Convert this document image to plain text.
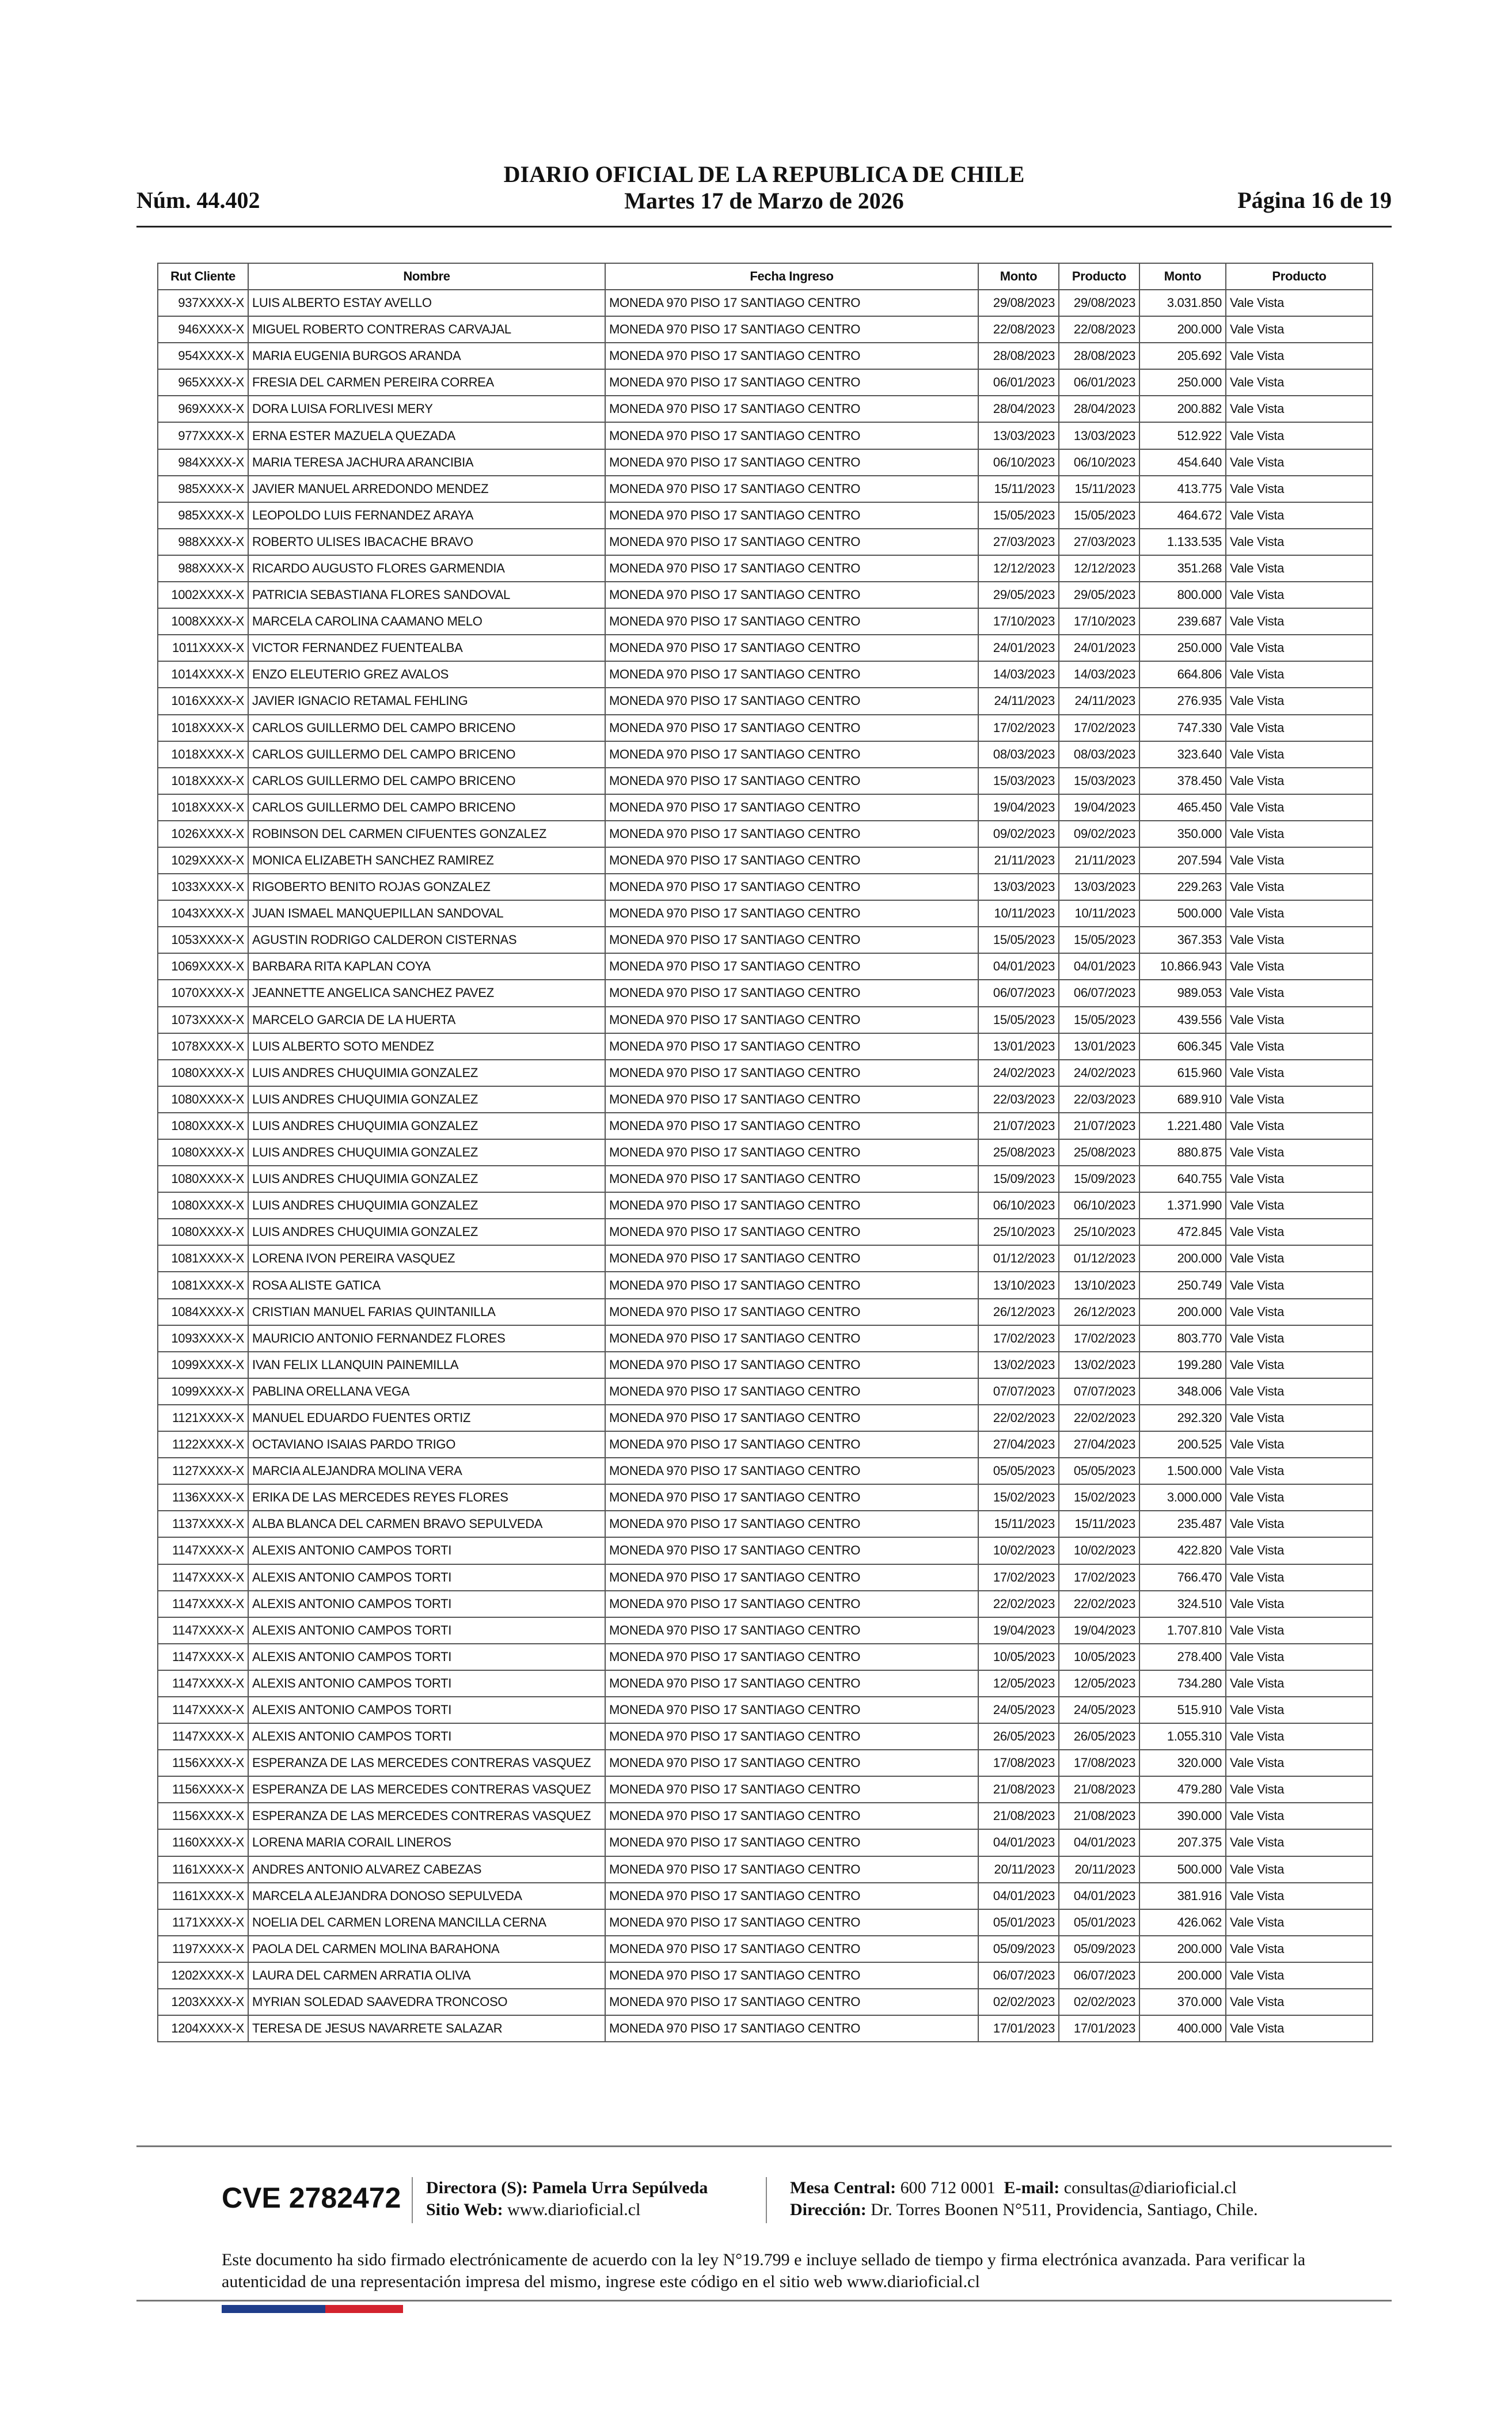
Núm. 44.402
DIARIO OFICIAL DE LA REPUBLICA DE CHILE
Martes 17 de Marzo de 2026	Página 16 de 19
Rut Cliente	Nombre	Fecha Ingreso	Monto	Producto	Monto	Producto
937XXXX-X	LUIS ALBERTO ESTAY AVELLO	MONEDA 970 PISO 17 SANTIAGO CENTRO	29/08/2023	29/08/2023	3.031.850	Vale Vista
946XXXX-X	MIGUEL ROBERTO CONTRERAS CARVAJAL	MONEDA 970 PISO 17 SANTIAGO CENTRO	22/08/2023	22/08/2023	200.000	Vale Vista
954XXXX-X	MARIA EUGENIA BURGOS ARANDA	MONEDA 970 PISO 17 SANTIAGO CENTRO	28/08/2023	28/08/2023	205.692	Vale Vista
965XXXX-X	FRESIA DEL CARMEN PEREIRA CORREA	MONEDA 970 PISO 17 SANTIAGO CENTRO	06/01/2023	06/01/2023	250.000	Vale Vista
969XXXX-X	DORA LUISA FORLIVESI MERY	MONEDA 970 PISO 17 SANTIAGO CENTRO	28/04/2023	28/04/2023	200.882	Vale Vista
977XXXX-X	ERNA ESTER MAZUELA QUEZADA	MONEDA 970 PISO 17 SANTIAGO CENTRO	13/03/2023	13/03/2023	512.922	Vale Vista
984XXXX-X	MARIA TERESA JACHURA ARANCIBIA	MONEDA 970 PISO 17 SANTIAGO CENTRO	06/10/2023	06/10/2023	454.640	Vale Vista
985XXXX-X	JAVIER MANUEL ARREDONDO MENDEZ	MONEDA 970 PISO 17 SANTIAGO CENTRO	15/11/2023	15/11/2023	413.775	Vale Vista
985XXXX-X	LEOPOLDO LUIS FERNANDEZ ARAYA	MONEDA 970 PISO 17 SANTIAGO CENTRO	15/05/2023	15/05/2023	464.672	Vale Vista
988XXXX-X	ROBERTO ULISES IBACACHE BRAVO	MONEDA 970 PISO 17 SANTIAGO CENTRO	27/03/2023	27/03/2023	1.133.535	Vale Vista
988XXXX-X	RICARDO AUGUSTO FLORES GARMENDIA	MONEDA 970 PISO 17 SANTIAGO CENTRO	12/12/2023	12/12/2023	351.268	Vale Vista
1002XXXX-X	PATRICIA SEBASTIANA FLORES SANDOVAL	MONEDA 970 PISO 17 SANTIAGO CENTRO	29/05/2023	29/05/2023	800.000	Vale Vista
1008XXXX-X	MARCELA CAROLINA CAAMANO MELO	MONEDA 970 PISO 17 SANTIAGO CENTRO	17/10/2023	17/10/2023	239.687	Vale Vista
1011XXXX-X	VICTOR FERNANDEZ FUENTEALBA	MONEDA 970 PISO 17 SANTIAGO CENTRO	24/01/2023	24/01/2023	250.000	Vale Vista
1014XXXX-X	ENZO ELEUTERIO GREZ AVALOS	MONEDA 970 PISO 17 SANTIAGO CENTRO	14/03/2023	14/03/2023	664.806	Vale Vista
1016XXXX-X	JAVIER IGNACIO RETAMAL FEHLING	MONEDA 970 PISO 17 SANTIAGO CENTRO	24/11/2023	24/11/2023	276.935	Vale Vista
1018XXXX-X	CARLOS GUILLERMO DEL CAMPO BRICENO	MONEDA 970 PISO 17 SANTIAGO CENTRO	17/02/2023	17/02/2023	747.330	Vale Vista
1018XXXX-X	CARLOS GUILLERMO DEL CAMPO BRICENO	MONEDA 970 PISO 17 SANTIAGO CENTRO	08/03/2023	08/03/2023	323.640	Vale Vista
1018XXXX-X	CARLOS GUILLERMO DEL CAMPO BRICENO	MONEDA 970 PISO 17 SANTIAGO CENTRO	15/03/2023	15/03/2023	378.450	Vale Vista
1018XXXX-X	CARLOS GUILLERMO DEL CAMPO BRICENO	MONEDA 970 PISO 17 SANTIAGO CENTRO	19/04/2023	19/04/2023	465.450	Vale Vista
1026XXXX-X	ROBINSON DEL CARMEN CIFUENTES GONZALEZ	MONEDA 970 PISO 17 SANTIAGO CENTRO	09/02/2023	09/02/2023	350.000	Vale Vista
1029XXXX-X	MONICA ELIZABETH SANCHEZ RAMIREZ	MONEDA 970 PISO 17 SANTIAGO CENTRO	21/11/2023	21/11/2023	207.594	Vale Vista
1033XXXX-X	RIGOBERTO BENITO ROJAS GONZALEZ	MONEDA 970 PISO 17 SANTIAGO CENTRO	13/03/2023	13/03/2023	229.263	Vale Vista
1043XXXX-X	JUAN ISMAEL MANQUEPILLAN SANDOVAL	MONEDA 970 PISO 17 SANTIAGO CENTRO	10/11/2023	10/11/2023	500.000	Vale Vista
1053XXXX-X	AGUSTIN RODRIGO CALDERON CISTERNAS	MONEDA 970 PISO 17 SANTIAGO CENTRO	15/05/2023	15/05/2023	367.353	Vale Vista
1069XXXX-X	BARBARA RITA KAPLAN COYA	MONEDA 970 PISO 17 SANTIAGO CENTRO	04/01/2023	04/01/2023	10.866.943	Vale Vista
1070XXXX-X	JEANNETTE ANGELICA SANCHEZ PAVEZ	MONEDA 970 PISO 17 SANTIAGO CENTRO	06/07/2023	06/07/2023	989.053	Vale Vista
1073XXXX-X	MARCELO GARCIA DE LA HUERTA	MONEDA 970 PISO 17 SANTIAGO CENTRO	15/05/2023	15/05/2023	439.556	Vale Vista
1078XXXX-X	LUIS ALBERTO SOTO MENDEZ	MONEDA 970 PISO 17 SANTIAGO CENTRO	13/01/2023	13/01/2023	606.345	Vale Vista
1080XXXX-X	LUIS ANDRES CHUQUIMIA GONZALEZ	MONEDA 970 PISO 17 SANTIAGO CENTRO	24/02/2023	24/02/2023	615.960	Vale Vista
1080XXXX-X	LUIS ANDRES CHUQUIMIA GONZALEZ	MONEDA 970 PISO 17 SANTIAGO CENTRO	22/03/2023	22/03/2023	689.910	Vale Vista
1080XXXX-X	LUIS ANDRES CHUQUIMIA GONZALEZ	MONEDA 970 PISO 17 SANTIAGO CENTRO	21/07/2023	21/07/2023	1.221.480	Vale Vista
1080XXXX-X	LUIS ANDRES CHUQUIMIA GONZALEZ	MONEDA 970 PISO 17 SANTIAGO CENTRO	25/08/2023	25/08/2023	880.875	Vale Vista
1080XXXX-X	LUIS ANDRES CHUQUIMIA GONZALEZ	MONEDA 970 PISO 17 SANTIAGO CENTRO	15/09/2023	15/09/2023	640.755	Vale Vista
1080XXXX-X	LUIS ANDRES CHUQUIMIA GONZALEZ	MONEDA 970 PISO 17 SANTIAGO CENTRO	06/10/2023	06/10/2023	1.371.990	Vale Vista
1080XXXX-X	LUIS ANDRES CHUQUIMIA GONZALEZ	MONEDA 970 PISO 17 SANTIAGO CENTRO	25/10/2023	25/10/2023	472.845	Vale Vista
1081XXXX-X	LORENA IVON PEREIRA VASQUEZ	MONEDA 970 PISO 17 SANTIAGO CENTRO	01/12/2023	01/12/2023	200.000	Vale Vista
1081XXXX-X	ROSA ALISTE GATICA	MONEDA 970 PISO 17 SANTIAGO CENTRO	13/10/2023	13/10/2023	250.749	Vale Vista
1084XXXX-X	CRISTIAN MANUEL FARIAS QUINTANILLA	MONEDA 970 PISO 17 SANTIAGO CENTRO	26/12/2023	26/12/2023	200.000	Vale Vista
1093XXXX-X	MAURICIO ANTONIO FERNANDEZ FLORES	MONEDA 970 PISO 17 SANTIAGO CENTRO	17/02/2023	17/02/2023	803.770	Vale Vista
1099XXXX-X	IVAN FELIX LLANQUIN PAINEMILLA	MONEDA 970 PISO 17 SANTIAGO CENTRO	13/02/2023	13/02/2023	199.280	Vale Vista
1099XXXX-X	PABLINA ORELLANA VEGA	MONEDA 970 PISO 17 SANTIAGO CENTRO	07/07/2023	07/07/2023	348.006	Vale Vista
1121XXXX-X	MANUEL EDUARDO FUENTES ORTIZ	MONEDA 970 PISO 17 SANTIAGO CENTRO	22/02/2023	22/02/2023	292.320	Vale Vista
1122XXXX-X	OCTAVIANO ISAIAS PARDO TRIGO	MONEDA 970 PISO 17 SANTIAGO CENTRO	27/04/2023	27/04/2023	200.525	Vale Vista
1127XXXX-X	MARCIA ALEJANDRA MOLINA VERA	MONEDA 970 PISO 17 SANTIAGO CENTRO	05/05/2023	05/05/2023	1.500.000	Vale Vista
1136XXXX-X	ERIKA DE LAS MERCEDES REYES FLORES	MONEDA 970 PISO 17 SANTIAGO CENTRO	15/02/2023	15/02/2023	3.000.000	Vale Vista
1137XXXX-X	ALBA BLANCA DEL CARMEN BRAVO SEPULVEDA	MONEDA 970 PISO 17 SANTIAGO CENTRO	15/11/2023	15/11/2023	235.487	Vale Vista
1147XXXX-X	ALEXIS ANTONIO CAMPOS TORTI	MONEDA 970 PISO 17 SANTIAGO CENTRO	10/02/2023	10/02/2023	422.820	Vale Vista
1147XXXX-X	ALEXIS ANTONIO CAMPOS TORTI	MONEDA 970 PISO 17 SANTIAGO CENTRO	17/02/2023	17/02/2023	766.470	Vale Vista
1147XXXX-X	ALEXIS ANTONIO CAMPOS TORTI	MONEDA 970 PISO 17 SANTIAGO CENTRO	22/02/2023	22/02/2023	324.510	Vale Vista
1147XXXX-X	ALEXIS ANTONIO CAMPOS TORTI	MONEDA 970 PISO 17 SANTIAGO CENTRO	19/04/2023	19/04/2023	1.707.810	Vale Vista
1147XXXX-X	ALEXIS ANTONIO CAMPOS TORTI	MONEDA 970 PISO 17 SANTIAGO CENTRO	10/05/2023	10/05/2023	278.400	Vale Vista
1147XXXX-X	ALEXIS ANTONIO CAMPOS TORTI	MONEDA 970 PISO 17 SANTIAGO CENTRO	12/05/2023	12/05/2023	734.280	Vale Vista
1147XXXX-X	ALEXIS ANTONIO CAMPOS TORTI	MONEDA 970 PISO 17 SANTIAGO CENTRO	24/05/2023	24/05/2023	515.910	Vale Vista
1147XXXX-X	ALEXIS ANTONIO CAMPOS TORTI	MONEDA 970 PISO 17 SANTIAGO CENTRO	26/05/2023	26/05/2023	1.055.310	Vale Vista
1156XXXX-X	ESPERANZA DE LAS MERCEDES CONTRERAS VASQUEZ	MONEDA 970 PISO 17 SANTIAGO CENTRO	17/08/2023	17/08/2023	320.000	Vale Vista
1156XXXX-X	ESPERANZA DE LAS MERCEDES CONTRERAS VASQUEZ	MONEDA 970 PISO 17 SANTIAGO CENTRO	21/08/2023	21/08/2023	479.280	Vale Vista
1156XXXX-X	ESPERANZA DE LAS MERCEDES CONTRERAS VASQUEZ	MONEDA 970 PISO 17 SANTIAGO CENTRO	21/08/2023	21/08/2023	390.000	Vale Vista
1160XXXX-X	LORENA MARIA CORAIL LINEROS	MONEDA 970 PISO 17 SANTIAGO CENTRO	04/01/2023	04/01/2023	207.375	Vale Vista
1161XXXX-X	ANDRES ANTONIO ALVAREZ CABEZAS	MONEDA 970 PISO 17 SANTIAGO CENTRO	20/11/2023	20/11/2023	500.000	Vale Vista
1161XXXX-X	MARCELA ALEJANDRA DONOSO SEPULVEDA	MONEDA 970 PISO 17 SANTIAGO CENTRO	04/01/2023	04/01/2023	381.916	Vale Vista
1171XXXX-X	NOELIA DEL CARMEN LORENA MANCILLA CERNA	MONEDA 970 PISO 17 SANTIAGO CENTRO	05/01/2023	05/01/2023	426.062	Vale Vista
1197XXXX-X	PAOLA DEL CARMEN MOLINA BARAHONA	MONEDA 970 PISO 17 SANTIAGO CENTRO	05/09/2023	05/09/2023	200.000	Vale Vista
1202XXXX-X	LAURA DEL CARMEN ARRATIA OLIVA	MONEDA 970 PISO 17 SANTIAGO CENTRO	06/07/2023	06/07/2023	200.000	Vale Vista
1203XXXX-X	MYRIAN SOLEDAD SAAVEDRA TRONCOSO	MONEDA 970 PISO 17 SANTIAGO CENTRO	02/02/2023	02/02/2023	370.000	Vale Vista
1204XXXX-X	TERESA DE JESUS NAVARRETE SALAZAR	MONEDA 970 PISO 17 SANTIAGO CENTRO	17/01/2023	17/01/2023	400.000	Vale Vista
CVE 2782472 Directora (S): Pamela Urra Sepúlveda
Sitio Web: www.diarioficial.cl
Mesa Central: 600 712 0001 E-mail: consultas@diarioficial.cl
Dirección: Dr. Torres Boonen N°511, Providencia, Santiago, Chile.
Este documento ha sido firmado electrónicamente de acuerdo con la ley N°19.799 e incluye sellado de tiempo y firma electrónica avanzada. Para verificar la autenticidad de una representación impresa del mismo, ingrese este código en el sitio web www.diarioficial.cl
